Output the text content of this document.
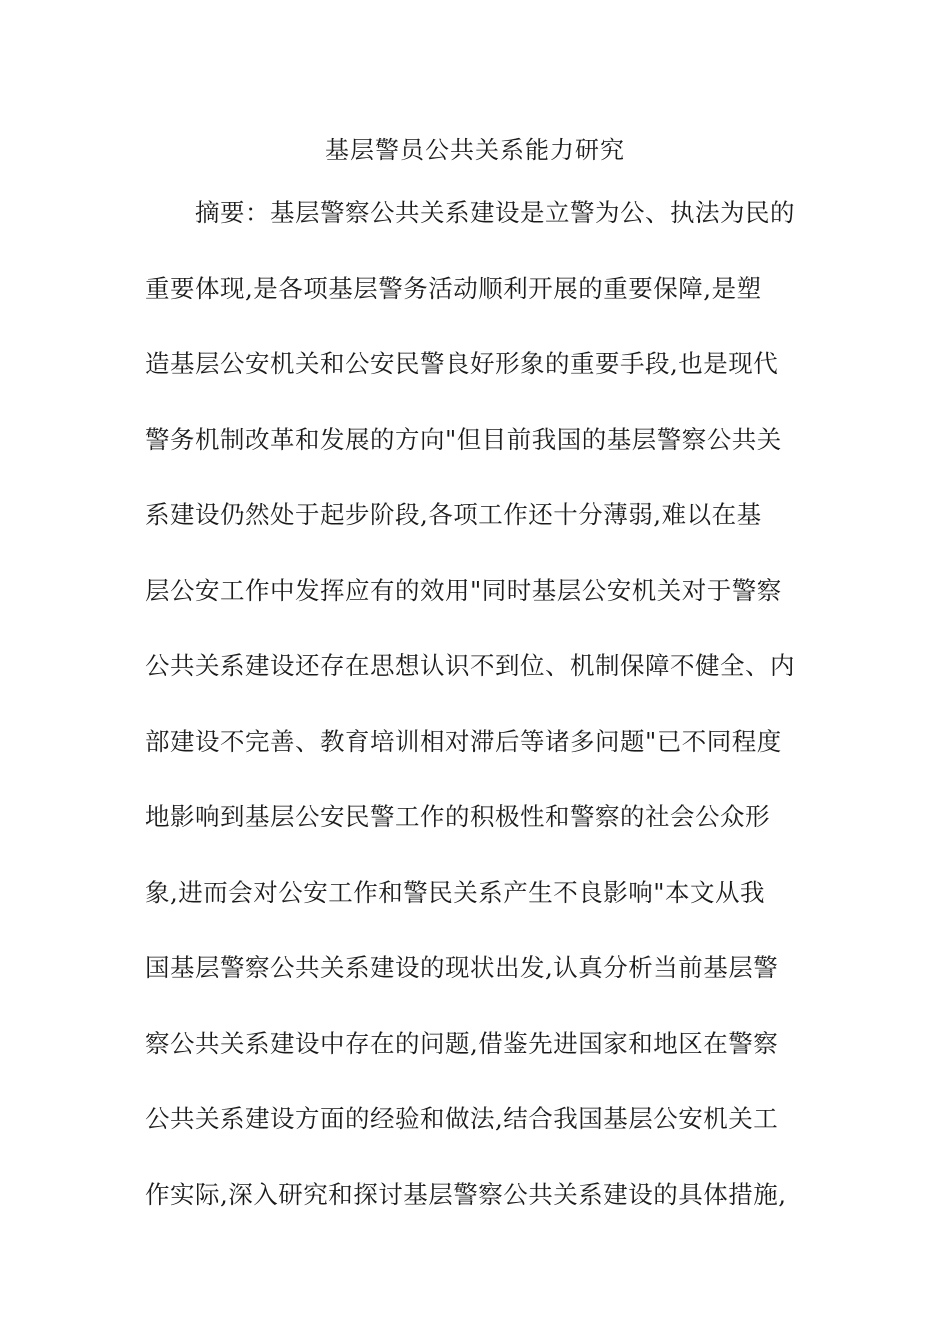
基层警员公共关系能力研究
摘要：基层警察公共关系建设是立警为公、执法为民的
重要体现,是各项基层警务活动顺利开展的重要保障,是塑
造基层公安机关和公安民警良好形象的重要手段,也是现代
警务机制改革和发展的方向"但目前我国的基层警察公共关
系建设仍然处于起步阶段,各项工作还十分薄弱,难以在基
层公安工作中发挥应有的效用"同时基层公安机关对于警察
公共关系建设还存在思想认识不到位、机制保障不健全、内
部建设不完善、教育培训相对滞后等诸多问题"已不同程度
地影响到基层公安民警工作的积极性和警察的社会公众形
象,进而会对公安工作和警民关系产生不良影响"本文从我
国基层警察公共关系建设的现状出发,认真分析当前基层警
察公共关系建设中存在的问题,借鉴先进国家和地区在警察
公共关系建设方面的经验和做法,结合我国基层公安机关工
作实际,深入研究和探讨基层警察公共关系建设的具体措施,
